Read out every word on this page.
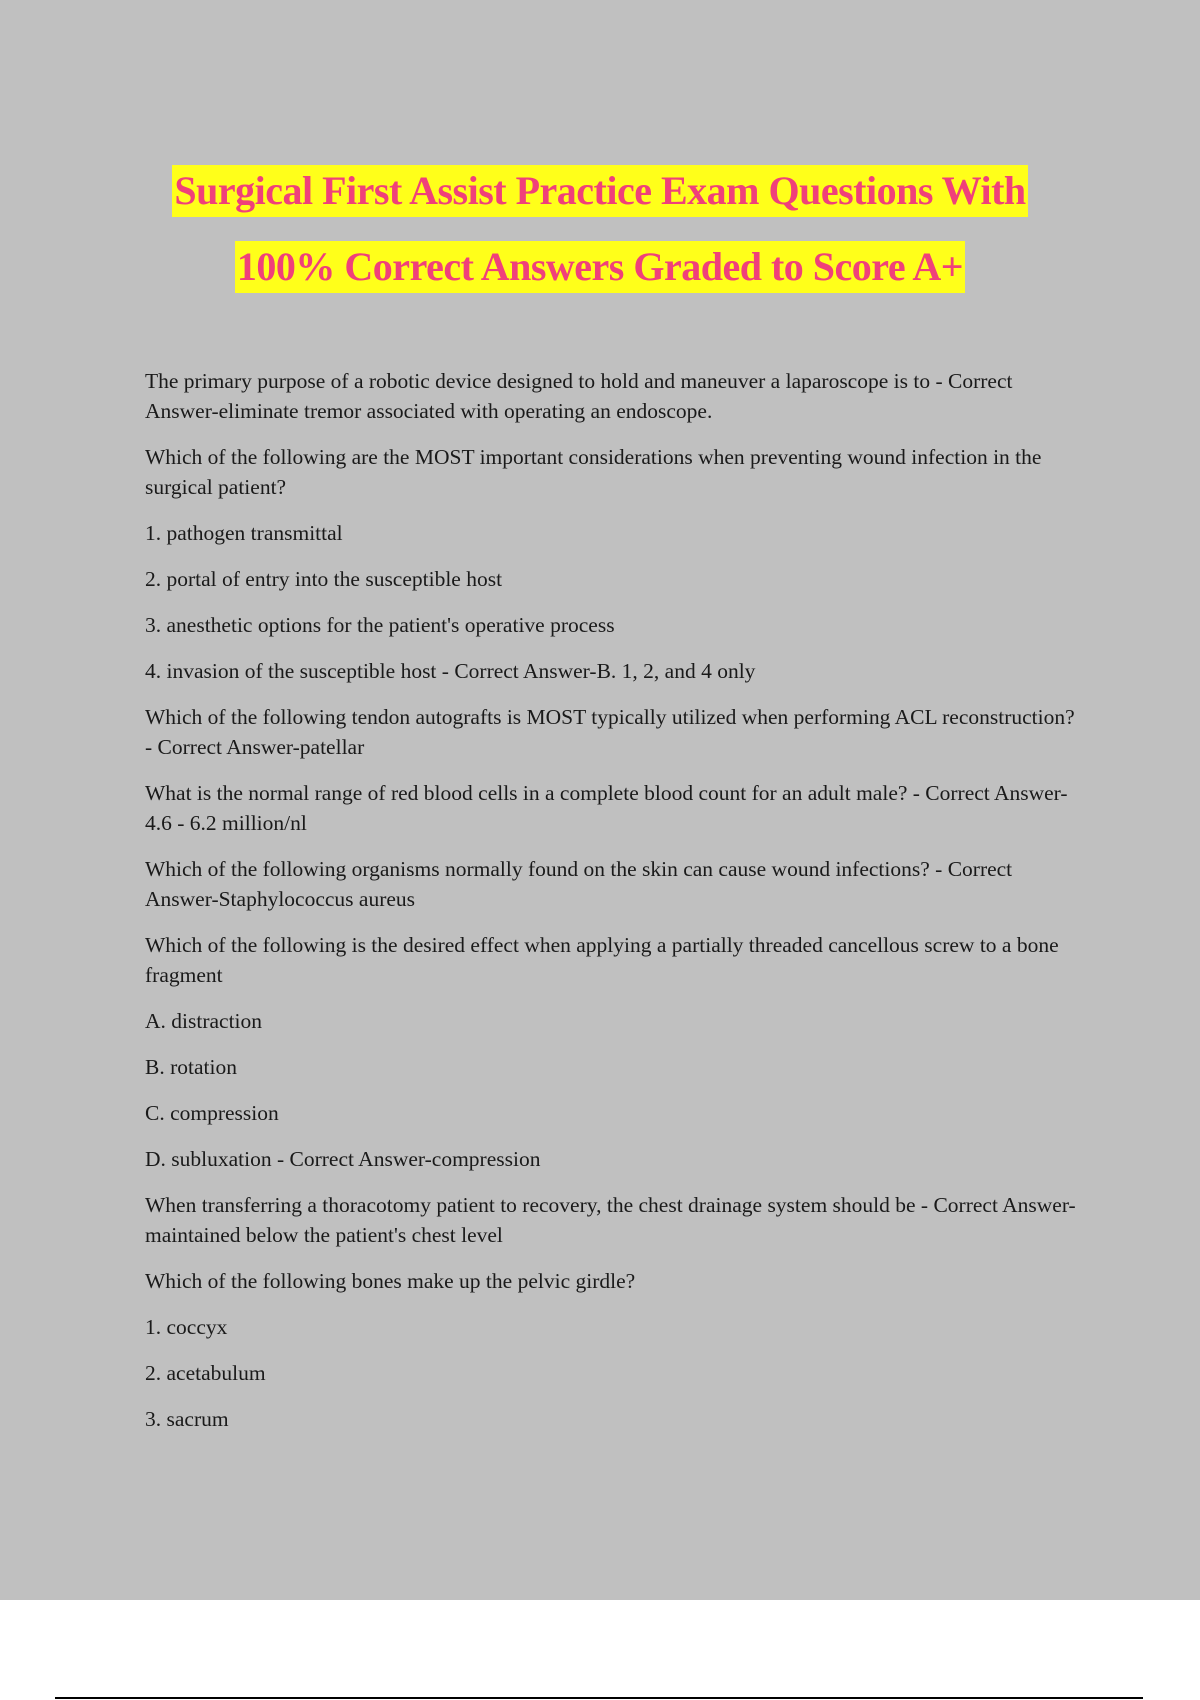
Surgical First Assist Practice Exam Questions With
100% Correct Answers Graded to Score A+

The primary purpose of a robotic device designed to hold and maneuver a laparoscope is to - Correct Answer-eliminate tremor associated with operating an endoscope.

Which of the following are the MOST important considerations when preventing wound infection in the surgical patient?

1. pathogen transmittal

2. portal of entry into the susceptible host

3. anesthetic options for the patient's operative process

4. invasion of the susceptible host - Correct Answer-B. 1, 2, and 4 only

Which of the following tendon autografts is MOST typically utilized when performing ACL reconstruction? - Correct Answer-patellar

What is the normal range of red blood cells in a complete blood count for an adult male? - Correct Answer-4.6 - 6.2 million/nl

Which of the following organisms normally found on the skin can cause wound infections? - Correct Answer-Staphylococcus aureus

Which of the following is the desired effect when applying a partially threaded cancellous screw to a bone fragment

A. distraction

B. rotation

C. compression

D. subluxation - Correct Answer-compression

When transferring a thoracotomy patient to recovery, the chest drainage system should be - Correct Answer-maintained below the patient's chest level

Which of the following bones make up the pelvic girdle?

1. coccyx

2. acetabulum

3. sacrum
